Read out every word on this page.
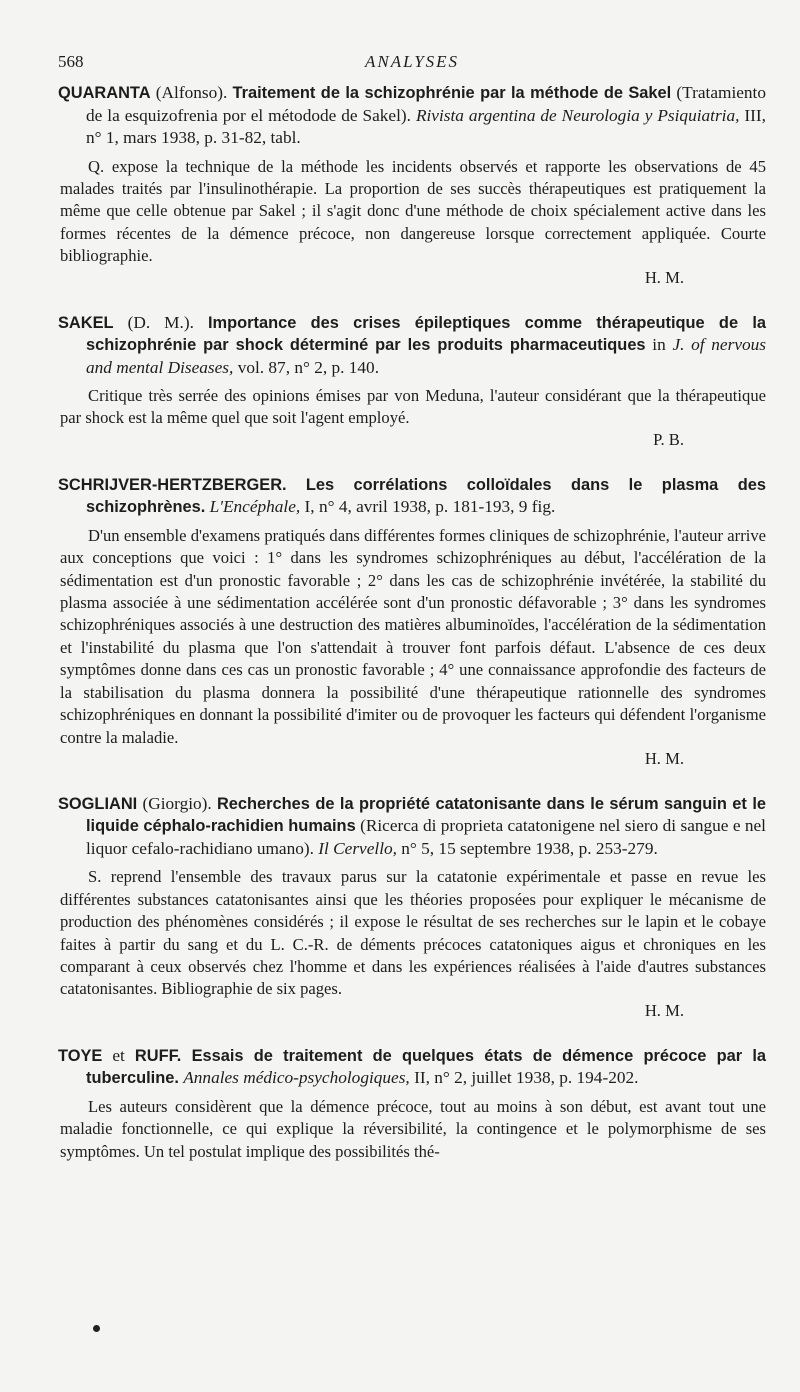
568	ANALYSES

QUARANTA (Alfonso). Traitement de la schizophrénie par la méthode de Sakel (Tratamiento de la esquizofrenia por el métodode de Sakel). Rivista argentina de Neurologia y Psiquiatria, III, n° 1, mars 1938, p. 31-82, tabl.

Q. expose la technique de la méthode les incidents observés et rapporte les observations de 45 malades traités par l'insulinothérapie. La proportion de ses succès thérapeutiques est pratiquement la même que celle obtenue par Sakel ; il s'agit donc d'une méthode de choix spécialement active dans les formes récentes de la démence précoce, non dangereuse lorsque correctement appliquée. Courte bibliographie.

H. M.

SAKEL (D. M.). Importance des crises épileptiques comme thérapeutique de la schizophrénie par shock déterminé par les produits pharmaceutiques in J. of nervous and mental Diseases, vol. 87, n° 2, p. 140.

Critique très serrée des opinions émises par von Meduna, l'auteur considérant que la thérapeutique par shock est la même quel que soit l'agent employé.

P. B.

SCHRIJVER-HERTZBERGER. Les corrélations colloïdales dans le plasma des schizophrènes. L'Encéphale, I, n° 4, avril 1938, p. 181-193, 9 fig.

D'un ensemble d'examens pratiqués dans différentes formes cliniques de schizophrénie, l'auteur arrive aux conceptions que voici : 1° dans les syndromes schizophréniques au début, l'accélération de la sédimentation est d'un pronostic favorable ; 2° dans les cas de schizophrénie invétérée, la stabilité du plasma associée à une sédimentation accélérée sont d'un pronostic défavorable ; 3° dans les syndromes schizophréniques associés à une destruction des matières albuminoïdes, l'accélération de la sédimentation et l'instabilité du plasma que l'on s'attendait à trouver font parfois défaut. L'absence de ces deux symptômes donne dans ces cas un pronostic favorable ; 4° une connaissance approfondie des facteurs de la stabilisation du plasma donnera la possibilité d'une thérapeutique rationnelle des syndromes schizophréniques en donnant la possibilité d'imiter ou de provoquer les facteurs qui défendent l'organisme contre la maladie.

H. M.

SOGLIANI (Giorgio). Recherches de la propriété catatonisante dans le sérum sanguin et le liquide céphalo-rachidien humains (Ricerca di proprieta catatonigene nel siero di sangue e nel liquor cefalo-rachidiano umano). Il Cervello, n° 5, 15 septembre 1938, p. 253-279.

S. reprend l'ensemble des travaux parus sur la catatonie expérimentale et passe en revue les différentes substances catatonisantes ainsi que les théories proposées pour expliquer le mécanisme de production des phénomènes considérés ; il expose le résultat de ses recherches sur le lapin et le cobaye faites à partir du sang et du L. C.-R. de déments précoces catatoniques aigus et chroniques en les comparant à ceux observés chez l'homme et dans les expériences réalisées à l'aide d'autres substances catatonisantes. Bibliographie de six pages.

H. M.

TOYE et RUFF. Essais de traitement de quelques états de démence précoce par la tuberculine. Annales médico-psychologiques, II, n° 2, juillet 1938, p. 194-202.

Les auteurs considèrent que la démence précoce, tout au moins à son début, est avant tout une maladie fonctionnelle, ce qui explique la réversibilité, la contingence et le polymorphisme de ses symptômes. Un tel postulat implique des possibilités thé-
